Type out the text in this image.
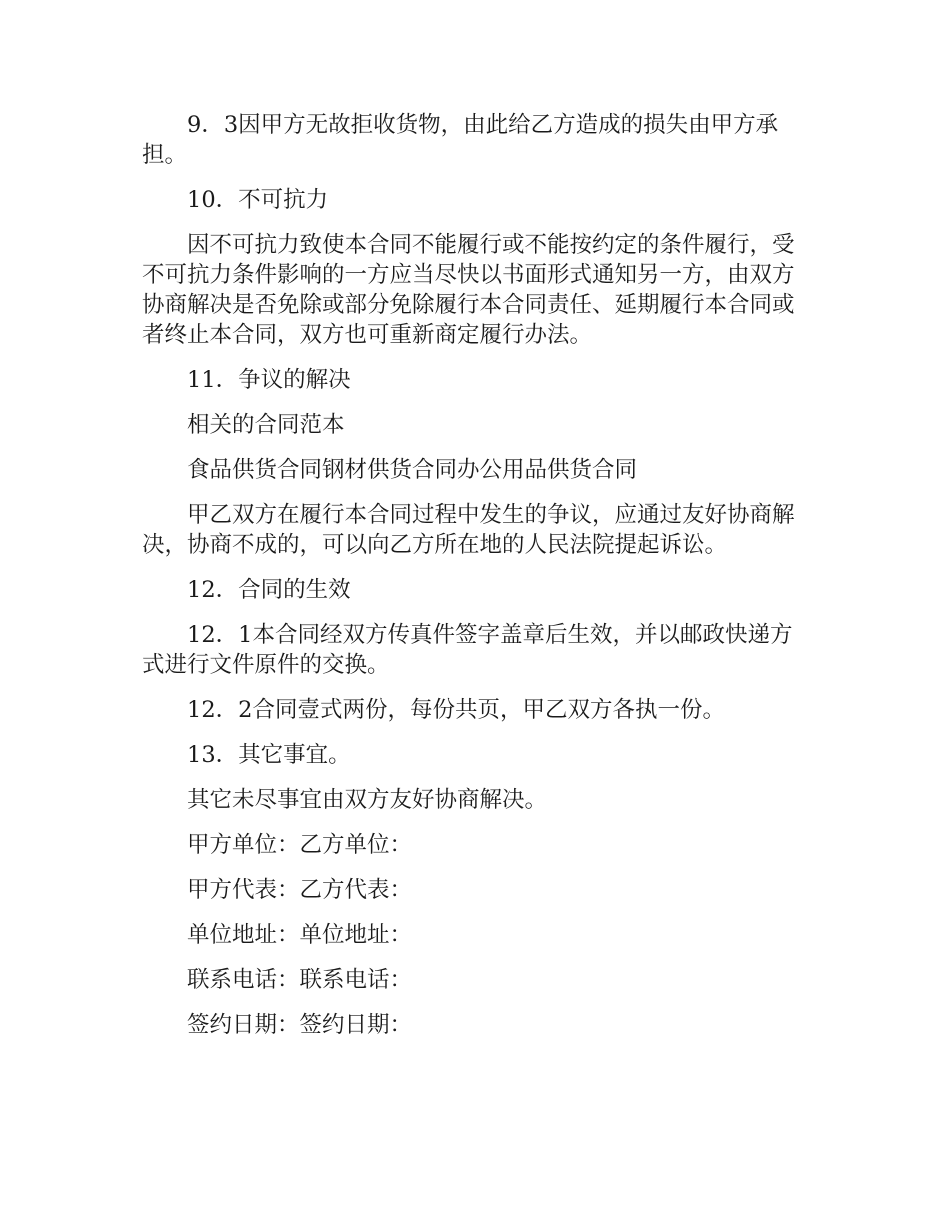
9．3因甲方无故拒收货物，由此给乙方造成的损失由甲方承担。

10．不可抗力

因不可抗力致使本合同不能履行或不能按约定的条件履行，受不可抗力条件影响的一方应当尽快以书面形式通知另一方，由双方协商解决是否免除或部分免除履行本合同责任、延期履行本合同或者终止本合同，双方也可重新商定履行办法。

11．争议的解决

相关的合同范本

食品供货合同钢材供货合同办公用品供货合同

甲乙双方在履行本合同过程中发生的争议，应通过友好协商解决，协商不成的，可以向乙方所在地的人民法院提起诉讼。

12．合同的生效

12．1本合同经双方传真件签字盖章后生效，并以邮政快递方式进行文件原件的交换。

12．2合同壹式两份，每份共页，甲乙双方各执一份。

13．其它事宜。

其它未尽事宜由双方友好协商解决。

甲方单位：乙方单位：

甲方代表：乙方代表：

单位地址：单位地址：

联系电话：联系电话：

签约日期：签约日期：
